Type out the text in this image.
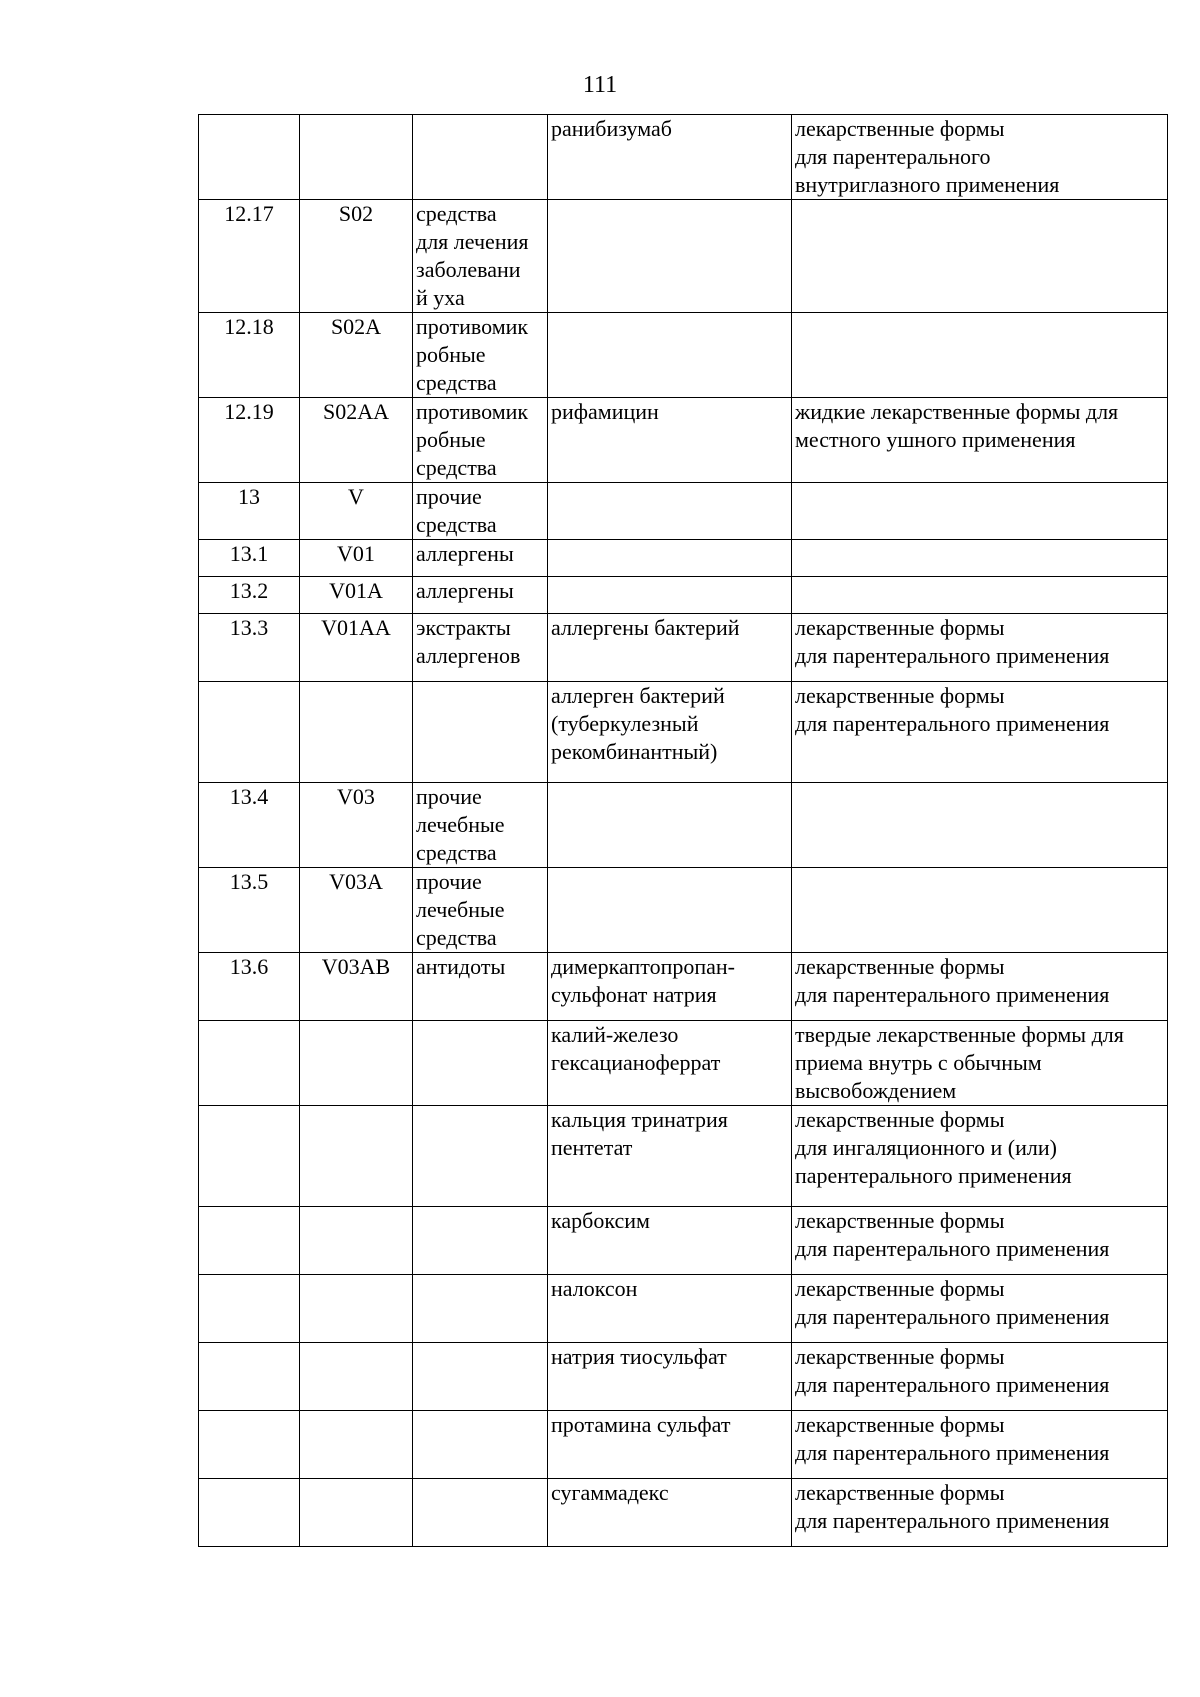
111

			ранибизумаб	лекарственные формы
для парентерального
внутриглазного применения

12.17	S02	средства
для лечения
заболевани
й уха		

12.18	S02A	противомик
робные
средства		

12.19	S02AA	противомик
робные
средства	рифамицин	жидкие лекарственные формы для
местного ушного применения

13	V	прочие
средства		

13.1	V01	аллергены		

13.2	V01A	аллергены		

13.3	V01AA	экстракты
аллергенов	аллергены бактерий	лекарственные формы
для парентерального применения

			аллерген бактерий
(туберкулезный
рекомбинантный)	лекарственные формы
для парентерального применения

13.4	V03	прочие
лечебные
средства		

13.5	V03A	прочие
лечебные
средства		

13.6	V03AB	антидоты	димеркаптопропан-
сульфонат натрия	лекарственные формы
для парентерального применения

			калий-железо
гексацианоферрат	твердые лекарственные формы для
приема внутрь с обычным
высвобождением

			кальция тринатрия
пентетат	лекарственные формы
для ингаляционного и (или)
парентерального применения

			карбоксим	лекарственные формы
для парентерального применения

			налоксон	лекарственные формы
для парентерального применения

			натрия тиосульфат	лекарственные формы
для парентерального применения

			протамина сульфат	лекарственные формы
для парентерального применения

			сугаммадекс	лекарственные формы
для парентерального применения
